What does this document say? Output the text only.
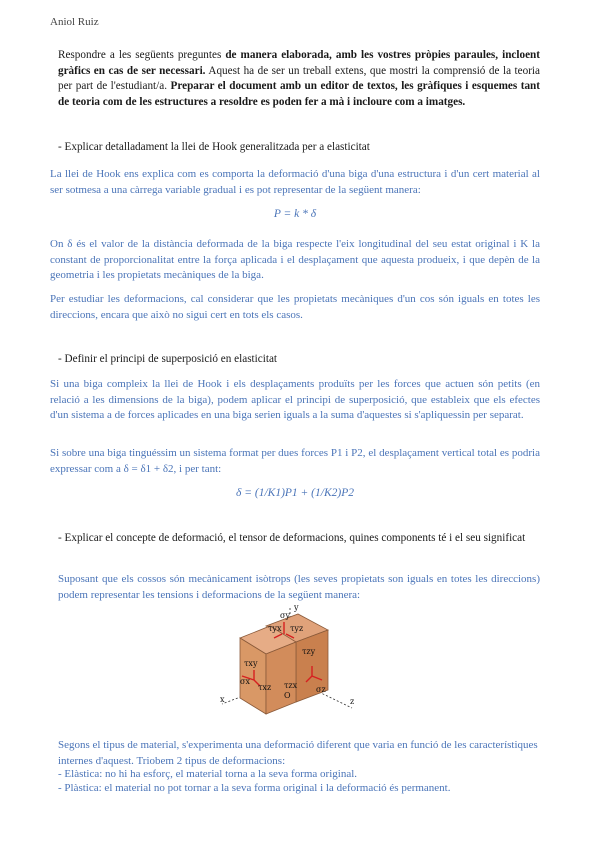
Aniol Ruiz
Respondre a les següents preguntes de manera elaborada, amb les vostres pròpies paraules, incloent gràfics en cas de ser necessari. Aquest ha de ser un treball extens, que mostri la comprensió de la teoria per part de l'estudiant/a. Preparar el document amb un editor de textos, les gràfiques i esquemes tant de teoria com de les estructures a resoldre es poden fer a mà i incloure com a imatges.
- Explicar detalladament la llei de Hook generalitzada per a elasticitat
La llei de Hook ens explica com es comporta la deformació d'una biga d'una estructura i d'un cert material al ser sotmesa a una càrrega variable gradual i es pot representar de la següent manera:
P = k * δ
On δ és el valor de la distància deformada de la biga respecte l'eix longitudinal del seu estat original i K la constant de proporcionalitat entre la força aplicada i el desplaçament que aquesta produeix, i que depèn de la geometria i les propietats mecàniques de la biga.
Per estudiar les deformacions, cal considerar que les propietats mecàniques d'un cos són iguals en totes les direccions, encara que això no sigui cert en tots els casos.
- Definir el principi de superposició en elasticitat
Si una biga compleix la llei de Hook i els desplaçaments produïts per les forces que actuen són petits (en relació a les dimensions de la biga), podem aplicar el principi de superposició, que estableix que els efectes d'un sistema a de forces aplicades en una biga serien iguals a la suma d'aquestes si s'apliquessin per separat.
Si sobre una biga tinguéssim un sistema format per dues forces P1 i P2, el desplaçament vertical total es podria expressar com a δ = δ1 + δ2, i per tant:
δ = (1/K1)P1 + (1/K2)P2
- Explicar el concepte de deformació, el tensor de deformacions, quines components té i el seu significat
Suposant que els cossos són mecànicament isòtrops (les seves propietats son iguals en totes les direccions) podem representar les tensions i deformacions de la següent manera:
σy
τyx τyz
τzy
τxy
σx
τxz τzx σz
y
x	z
O
Segons el tipus de material, s'experimenta una deformació diferent que varia en funció de les característiques internes d'aquest. Triobem 2 tipus de deformacions:
- Elàstica: no hi ha esforç, el material torna a la seva forma original.
- Plàstica: el material no pot tornar a la seva forma original i la deformació és permanent.
